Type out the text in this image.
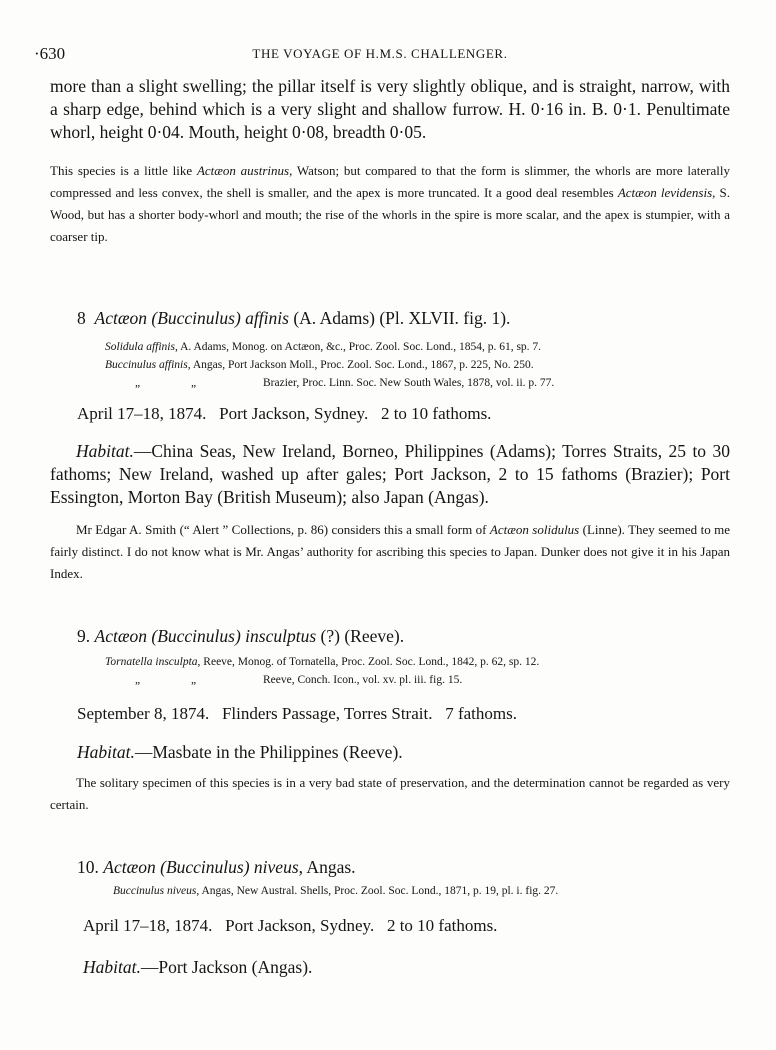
·630	THE VOYAGE OF H.M.S. CHALLENGER.

more than a slight swelling; the pillar itself is very slightly oblique, and is straight, narrow, with a sharp edge, behind which is a very slight and shallow furrow. H. 0·16 in. B. 0·1. Penultimate whorl, height 0·04. Mouth, height 0·08, breadth 0·05.

This species is a little like Actæon austrinus, Watson; but compared to that the form is slimmer, the whorls are more laterally compressed and less convex, the shell is smaller, and the apex is more truncated. It a good deal resembles Actæon levidensis, S. Wood, but has a shorter body-whorl and mouth; the rise of the whorls in the spire is more scalar, and the apex is stumpier, with a coarser tip.

8 Actæon (Buccinulus) affinis (A. Adams) (Pl. XLVII. fig. 1).
Solidula affinis, A. Adams, Monog. on Actæon, &c., Proc. Zool. Soc. Lond., 1854, p. 61, sp. 7.
Buccinulus affinis, Angas, Port Jackson Moll., Proc. Zool. Soc. Lond., 1867, p. 225, No. 250.
„	„	Brazier, Proc. Linn. Soc. New South Wales, 1878, vol. ii. p. 77.
April 17–18, 1874.   Port Jackson, Sydney.   2 to 10 fathoms.

Habitat.—China Seas, New Ireland, Borneo, Philippines (Adams); Torres Straits, 25 to 30 fathoms; New Ireland, washed up after gales; Port Jackson, 2 to 15 fathoms (Brazier); Port Essington, Morton Bay (British Museum); also Japan (Angas).

Mr Edgar A. Smith (“ Alert ” Collections, p. 86) considers this a small form of Actæon solidulus (Linne). They seemed to me fairly distinct. I do not know what is Mr. Angas’ authority for ascribing this species to Japan. Dunker does not give it in his Japan Index.

9. Actæon (Buccinulus) insculptus (?) (Reeve).
Tornatella insculpta, Reeve, Monog. of Tornatella, Proc. Zool. Soc. Lond., 1842, p. 62, sp. 12.
„	„	Reeve, Conch. Icon., vol. xv. pl. iii. fig. 15.
September 8, 1874.   Flinders Passage, Torres Strait.   7 fathoms.

Habitat.—Masbate in the Philippines (Reeve).

The solitary specimen of this species is in a very bad state of preservation, and the determination cannot be regarded as very certain.

10. Actæon (Buccinulus) niveus, Angas.
Buccinulus niveus, Angas, New Austral. Shells, Proc. Zool. Soc. Lond., 1871, p. 19, pl. i. fig. 27.
April 17–18, 1874.   Port Jackson, Sydney.   2 to 10 fathoms.

Habitat.—Port Jackson (Angas).
